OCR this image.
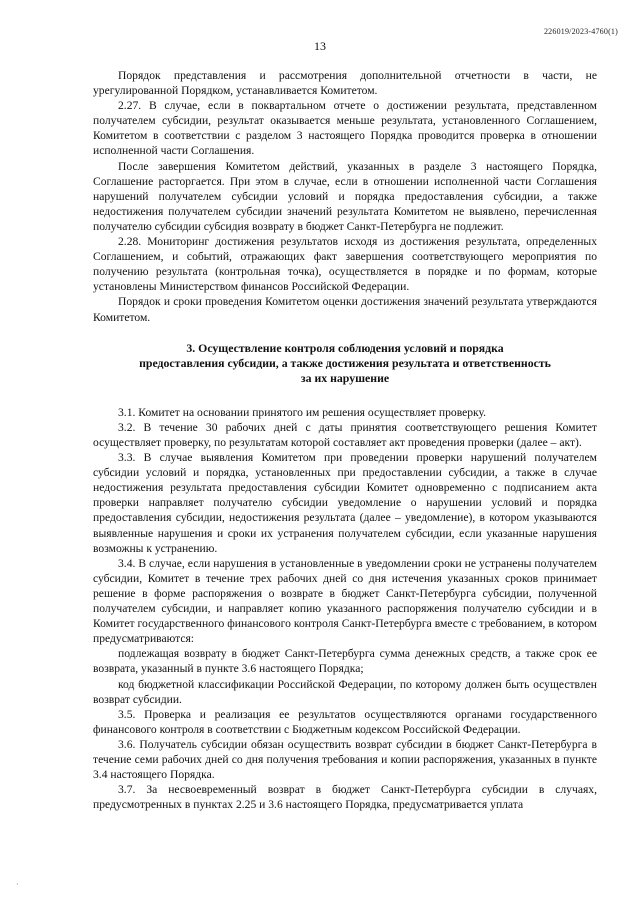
226019/2023-4760(1)
13

Порядок представления и рассмотрения дополнительной отчетности в части, не урегулированной Порядком, устанавливается Комитетом.

2.27. В случае, если в поквартальном отчете о достижении результата, представленном получателем субсидии, результат оказывается меньше результата, установленного Соглашением, Комитетом в соответствии с разделом 3 настоящего Порядка проводится проверка в отношении исполненной части Соглашения.

После завершения Комитетом действий, указанных в разделе 3 настоящего Порядка, Соглашение расторгается. При этом в случае, если в отношении исполненной части Соглашения нарушений получателем субсидии условий и порядка предоставления субсидии, а также недостижения получателем субсидии значений результата Комитетом не выявлено, перечисленная получателю субсидии субсидия возврату в бюджет Санкт-Петербурга не подлежит.

2.28. Мониторинг достижения результатов исходя из достижения результата, определенных Соглашением, и событий, отражающих факт завершения соответствующего мероприятия по получению результата (контрольная точка), осуществляется в порядке и по формам, которые установлены Министерством финансов Российской Федерации.

Порядок и сроки проведения Комитетом оценки достижения значений результата утверждаются Комитетом.

3. Осуществление контроля соблюдения условий и порядка
предоставления субсидии, а также достижения результата и ответственность
за их нарушение

3.1. Комитет на основании принятого им решения осуществляет проверку.

3.2. В течение 30 рабочих дней с даты принятия соответствующего решения Комитет осуществляет проверку, по результатам которой составляет акт проведения проверки (далее – акт).

3.3. В случае выявления Комитетом при проведении проверки нарушений получателем субсидии условий и порядка, установленных при предоставлении субсидии, а также в случае недостижения результата предоставления субсидии Комитет одновременно с подписанием акта проверки направляет получателю субсидии уведомление о нарушении условий и порядка предоставления субсидии, недостижения результата (далее – уведомление), в котором указываются выявленные нарушения и сроки их устранения получателем субсидии, если указанные нарушения возможны к устранению.

3.4. В случае, если нарушения в установленные в уведомлении сроки не устранены получателем субсидии, Комитет в течение трех рабочих дней со дня истечения указанных сроков принимает решение в форме распоряжения о возврате в бюджет Санкт-Петербурга субсидии, полученной получателем субсидии, и направляет копию указанного распоряжения получателю субсидии и в Комитет государственного финансового контроля Санкт-Петербурга вместе с требованием, в котором предусматриваются:

подлежащая возврату в бюджет Санкт-Петербурга сумма денежных средств, а также срок ее возврата, указанный в пункте 3.6 настоящего Порядка;

код бюджетной классификации Российской Федерации, по которому должен быть осуществлен возврат субсидии.

3.5. Проверка и реализация ее результатов осуществляются органами государственного финансового контроля в соответствии с Бюджетным кодексом Российской Федерации.

3.6. Получатель субсидии обязан осуществить возврат субсидии в бюджет Санкт-Петербурга в течение семи рабочих дней со дня получения требования и копии распоряжения, указанных в пункте 3.4 настоящего Порядка.

3.7. За несвоевременный возврат в бюджет Санкт-Петербурга субсидии в случаях, предусмотренных в пунктах 2.25 и 3.6 настоящего Порядка, предусматривается уплата

·
